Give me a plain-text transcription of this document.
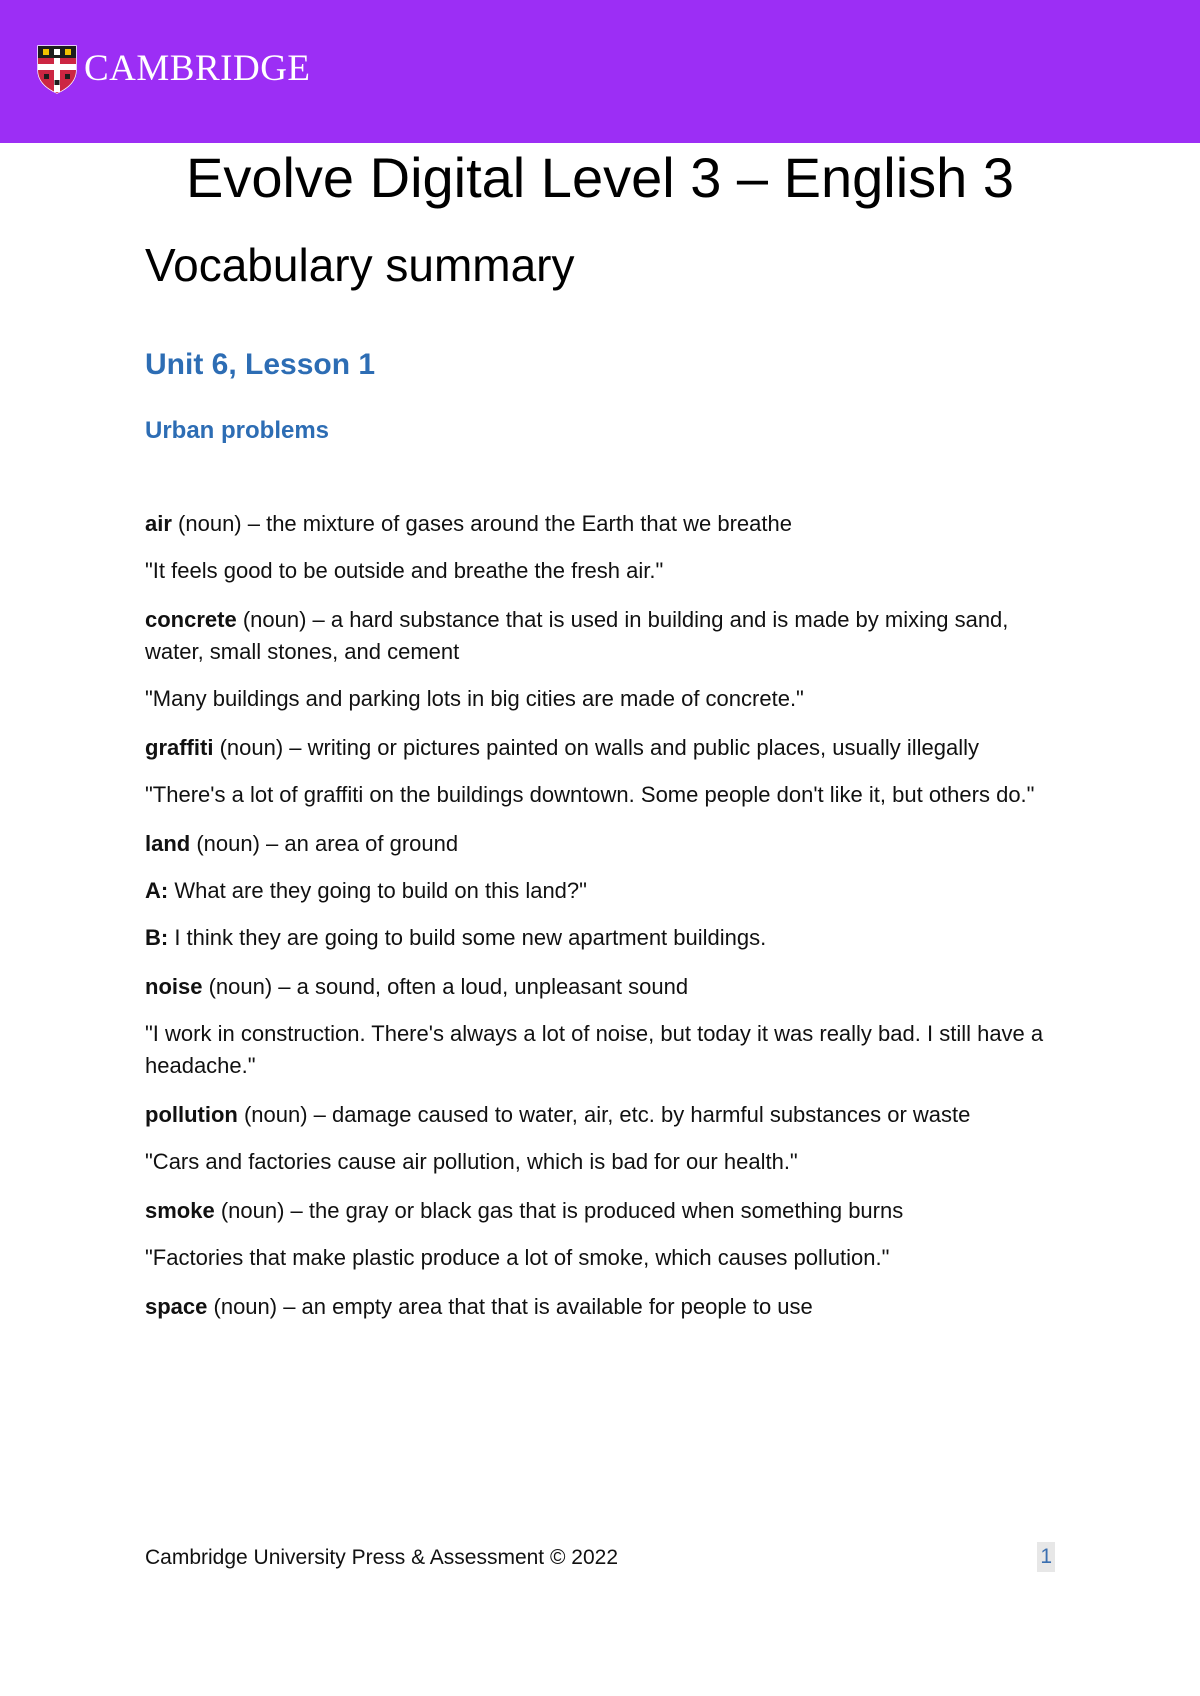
CAMBRIDGE
Evolve Digital Level 3 – English 3
Vocabulary summary
Unit 6, Lesson 1
Urban problems

air (noun) – the mixture of gases around the Earth that we breathe

"It feels good to be outside and breathe the fresh air."

concrete (noun) – a hard substance that is used in building and is made by mixing sand, water, small stones, and cement

"Many buildings and parking lots in big cities are made of concrete."

graffiti (noun) – writing or pictures painted on walls and public places, usually illegally

"There's a lot of graffiti on the buildings downtown. Some people don't like it, but others do."

land (noun) – an area of ground

A: What are they going to build on this land?"

B: I think they are going to build some new apartment buildings.

noise (noun) – a sound, often a loud, unpleasant sound

"I work in construction. There's always a lot of noise, but today it was really bad. I still have a headache."

pollution (noun) – damage caused to water, air, etc. by harmful substances or waste

"Cars and factories cause air pollution, which is bad for our health."

smoke (noun) – the gray or black gas that is produced when something burns

"Factories that make plastic produce a lot of smoke, which causes pollution."

space (noun) – an empty area that that is available for people to use

Cambridge University Press & Assessment © 2022	1
